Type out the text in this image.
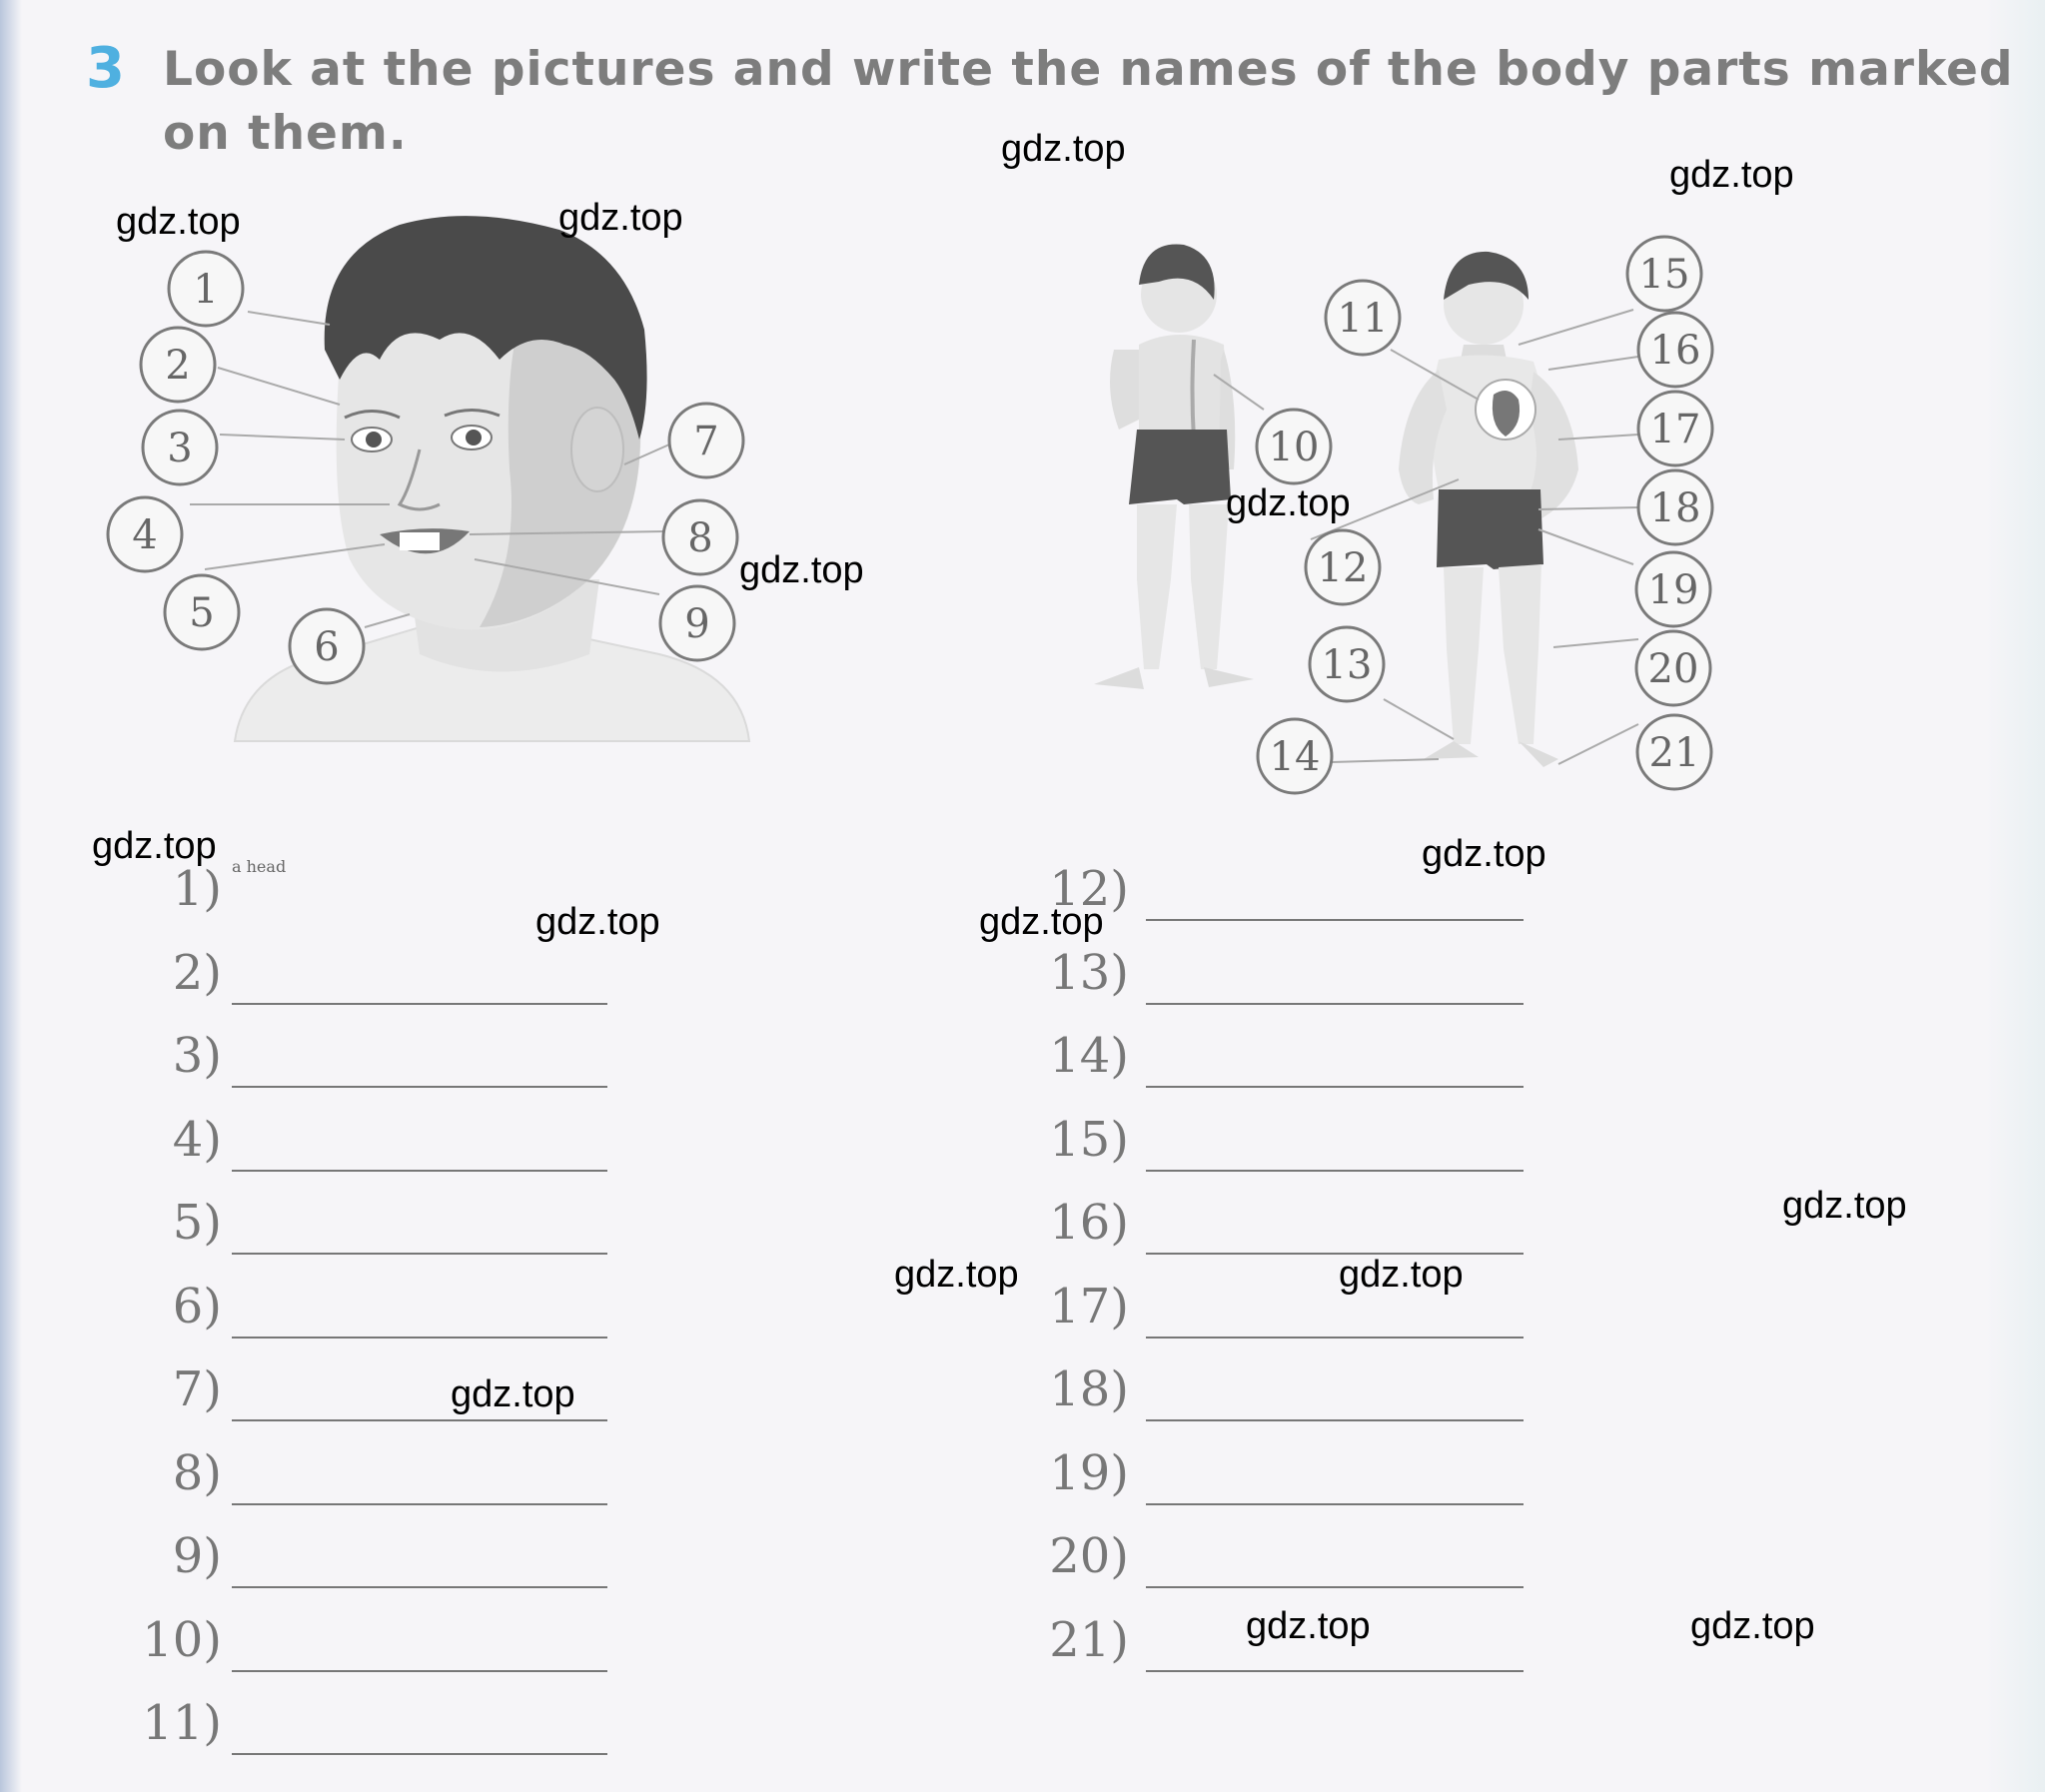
3 Look at the pictures and write the names of the body parts marked on them.
1
2
3
4
5
6
7
8
9
10
11
12
13
14
15
16
17
18
19
20
21
gdz.top
gdz.top
gdz.top	gdz.top
gdz.top
gdz.top
gdz.top	gdz.top
gdz.top	gdz.top
gdz.top
gdz.top	gdz.top
gdz.top
gdz.top	gdz.top
1) a head
2)
3)
4)
5)
6)
7)
8)
9)
10)
11)
12)
13)
14)
15)
16)
17)
18)
19)
20)
21)
